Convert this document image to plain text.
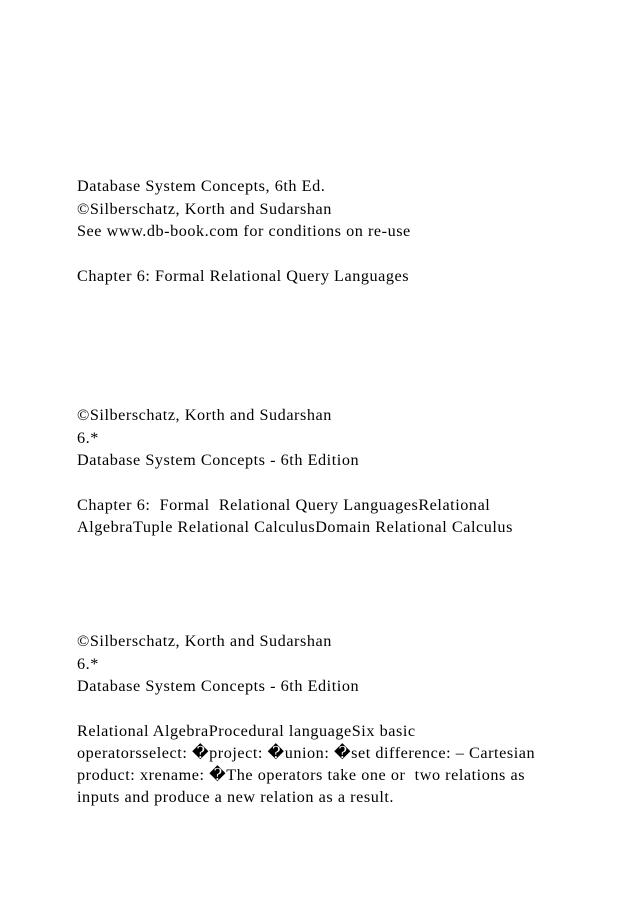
Database System Concepts, 6th Ed.
©Silberschatz, Korth and Sudarshan
See www.db-book.com for conditions on re-use
Chapter 6: Formal Relational Query Languages
©Silberschatz, Korth and Sudarshan
6.*
Database System Concepts - 6th Edition
Chapter 6:  Formal  Relational Query LanguagesRelational
AlgebraTuple Relational CalculusDomain Relational Calculus
©Silberschatz, Korth and Sudarshan
6.*
Database System Concepts - 6th Edition
Relational AlgebraProcedural languageSix basic
operatorsselect: �project: �union: �set difference: – Cartesian
product: xrename: �The operators take one or  two relations as
inputs and produce a new relation as a result.
